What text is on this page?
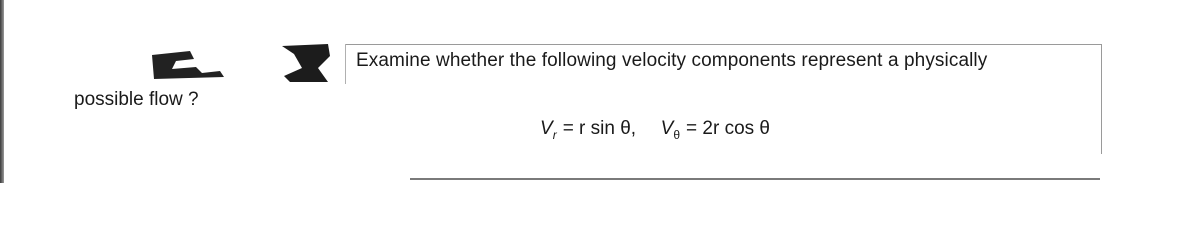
Examine whether the following velocity components represent a physically
possible flow ?
$V_r = r$ sin θ, $V_\theta = 2r$ cos θ
